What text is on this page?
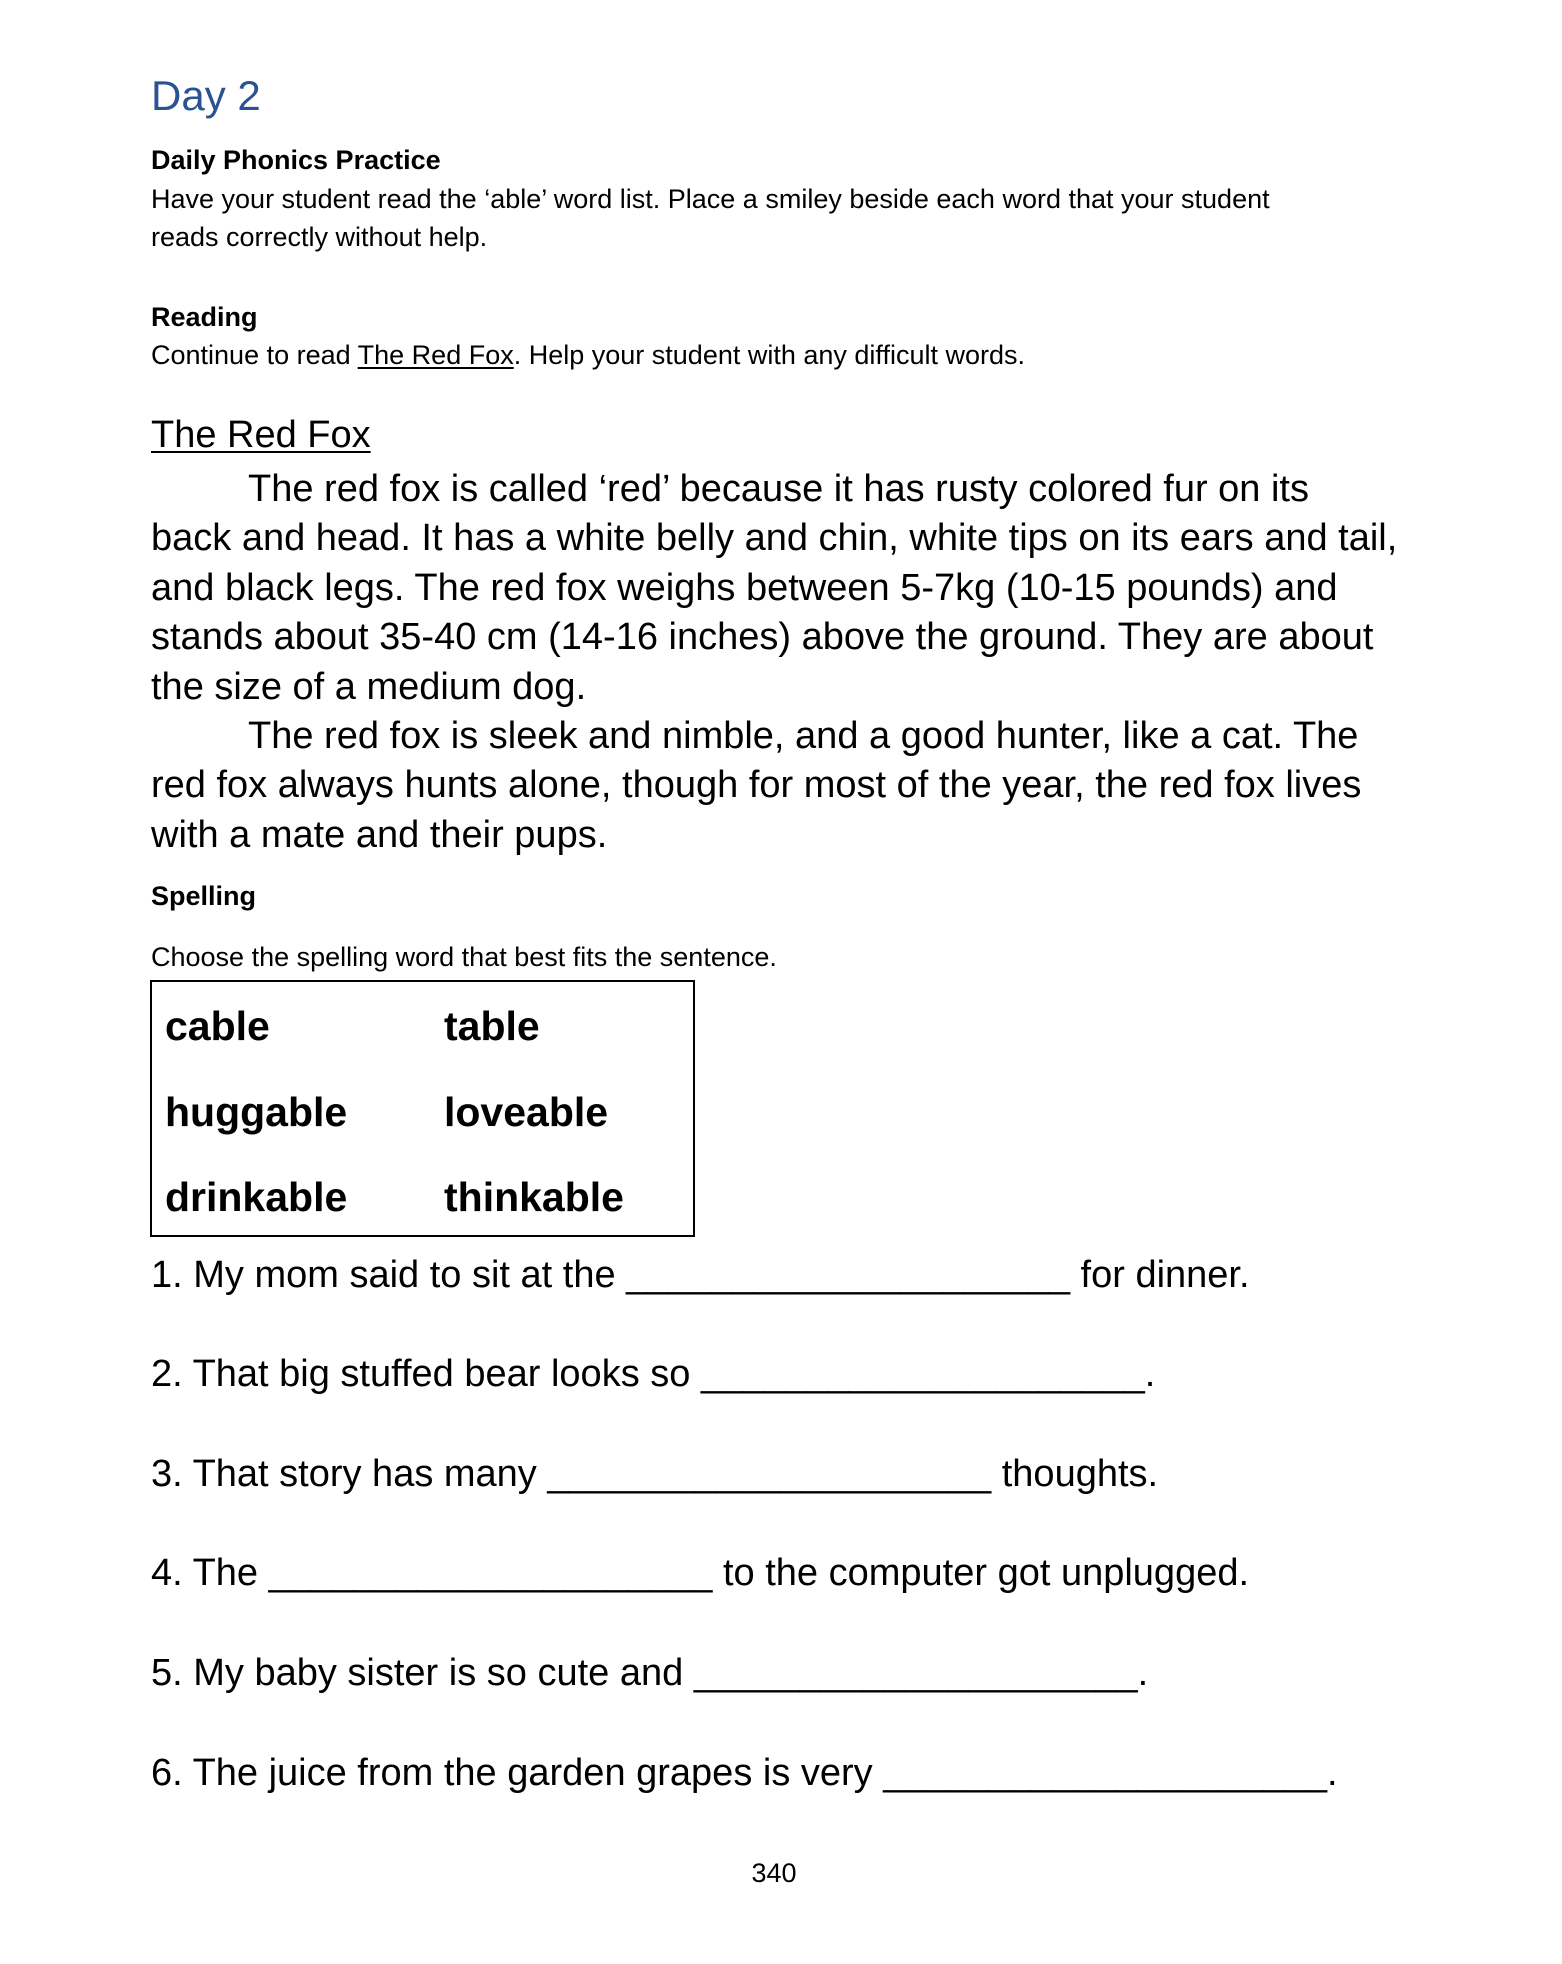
Day 2
Daily Phonics Practice
Have your student read the ‘able’ word list. Place a smiley beside each word that your student
reads correctly without help.
Reading
Continue to read The Red Fox. Help your student with any difficult words.
The Red Fox
The red fox is called ‘red’ because it has rusty colored fur on its
back and head. It has a white belly and chin, white tips on its ears and tail,
and black legs. The red fox weighs between 5-7kg (10-15 pounds) and
stands about 35-40 cm (14-16 inches) above the ground. They are about
the size of a medium dog.
The red fox is sleek and nimble, and a good hunter, like a cat. The
red fox always hunts alone, though for most of the year, the red fox lives
with a mate and their pups.
Spelling
Choose the spelling word that best fits the sentence.
cable	table
huggable loveable
drinkable thinkable
1. My mom said to sit at the _____________________ for dinner.
2. That big stuffed bear looks so _____________________.
3. That story has many _____________________ thoughts.
4. The _____________________ to the computer got unplugged.
5. My baby sister is so cute and _____________________.
6. The juice from the garden grapes is very _____________________.
340
